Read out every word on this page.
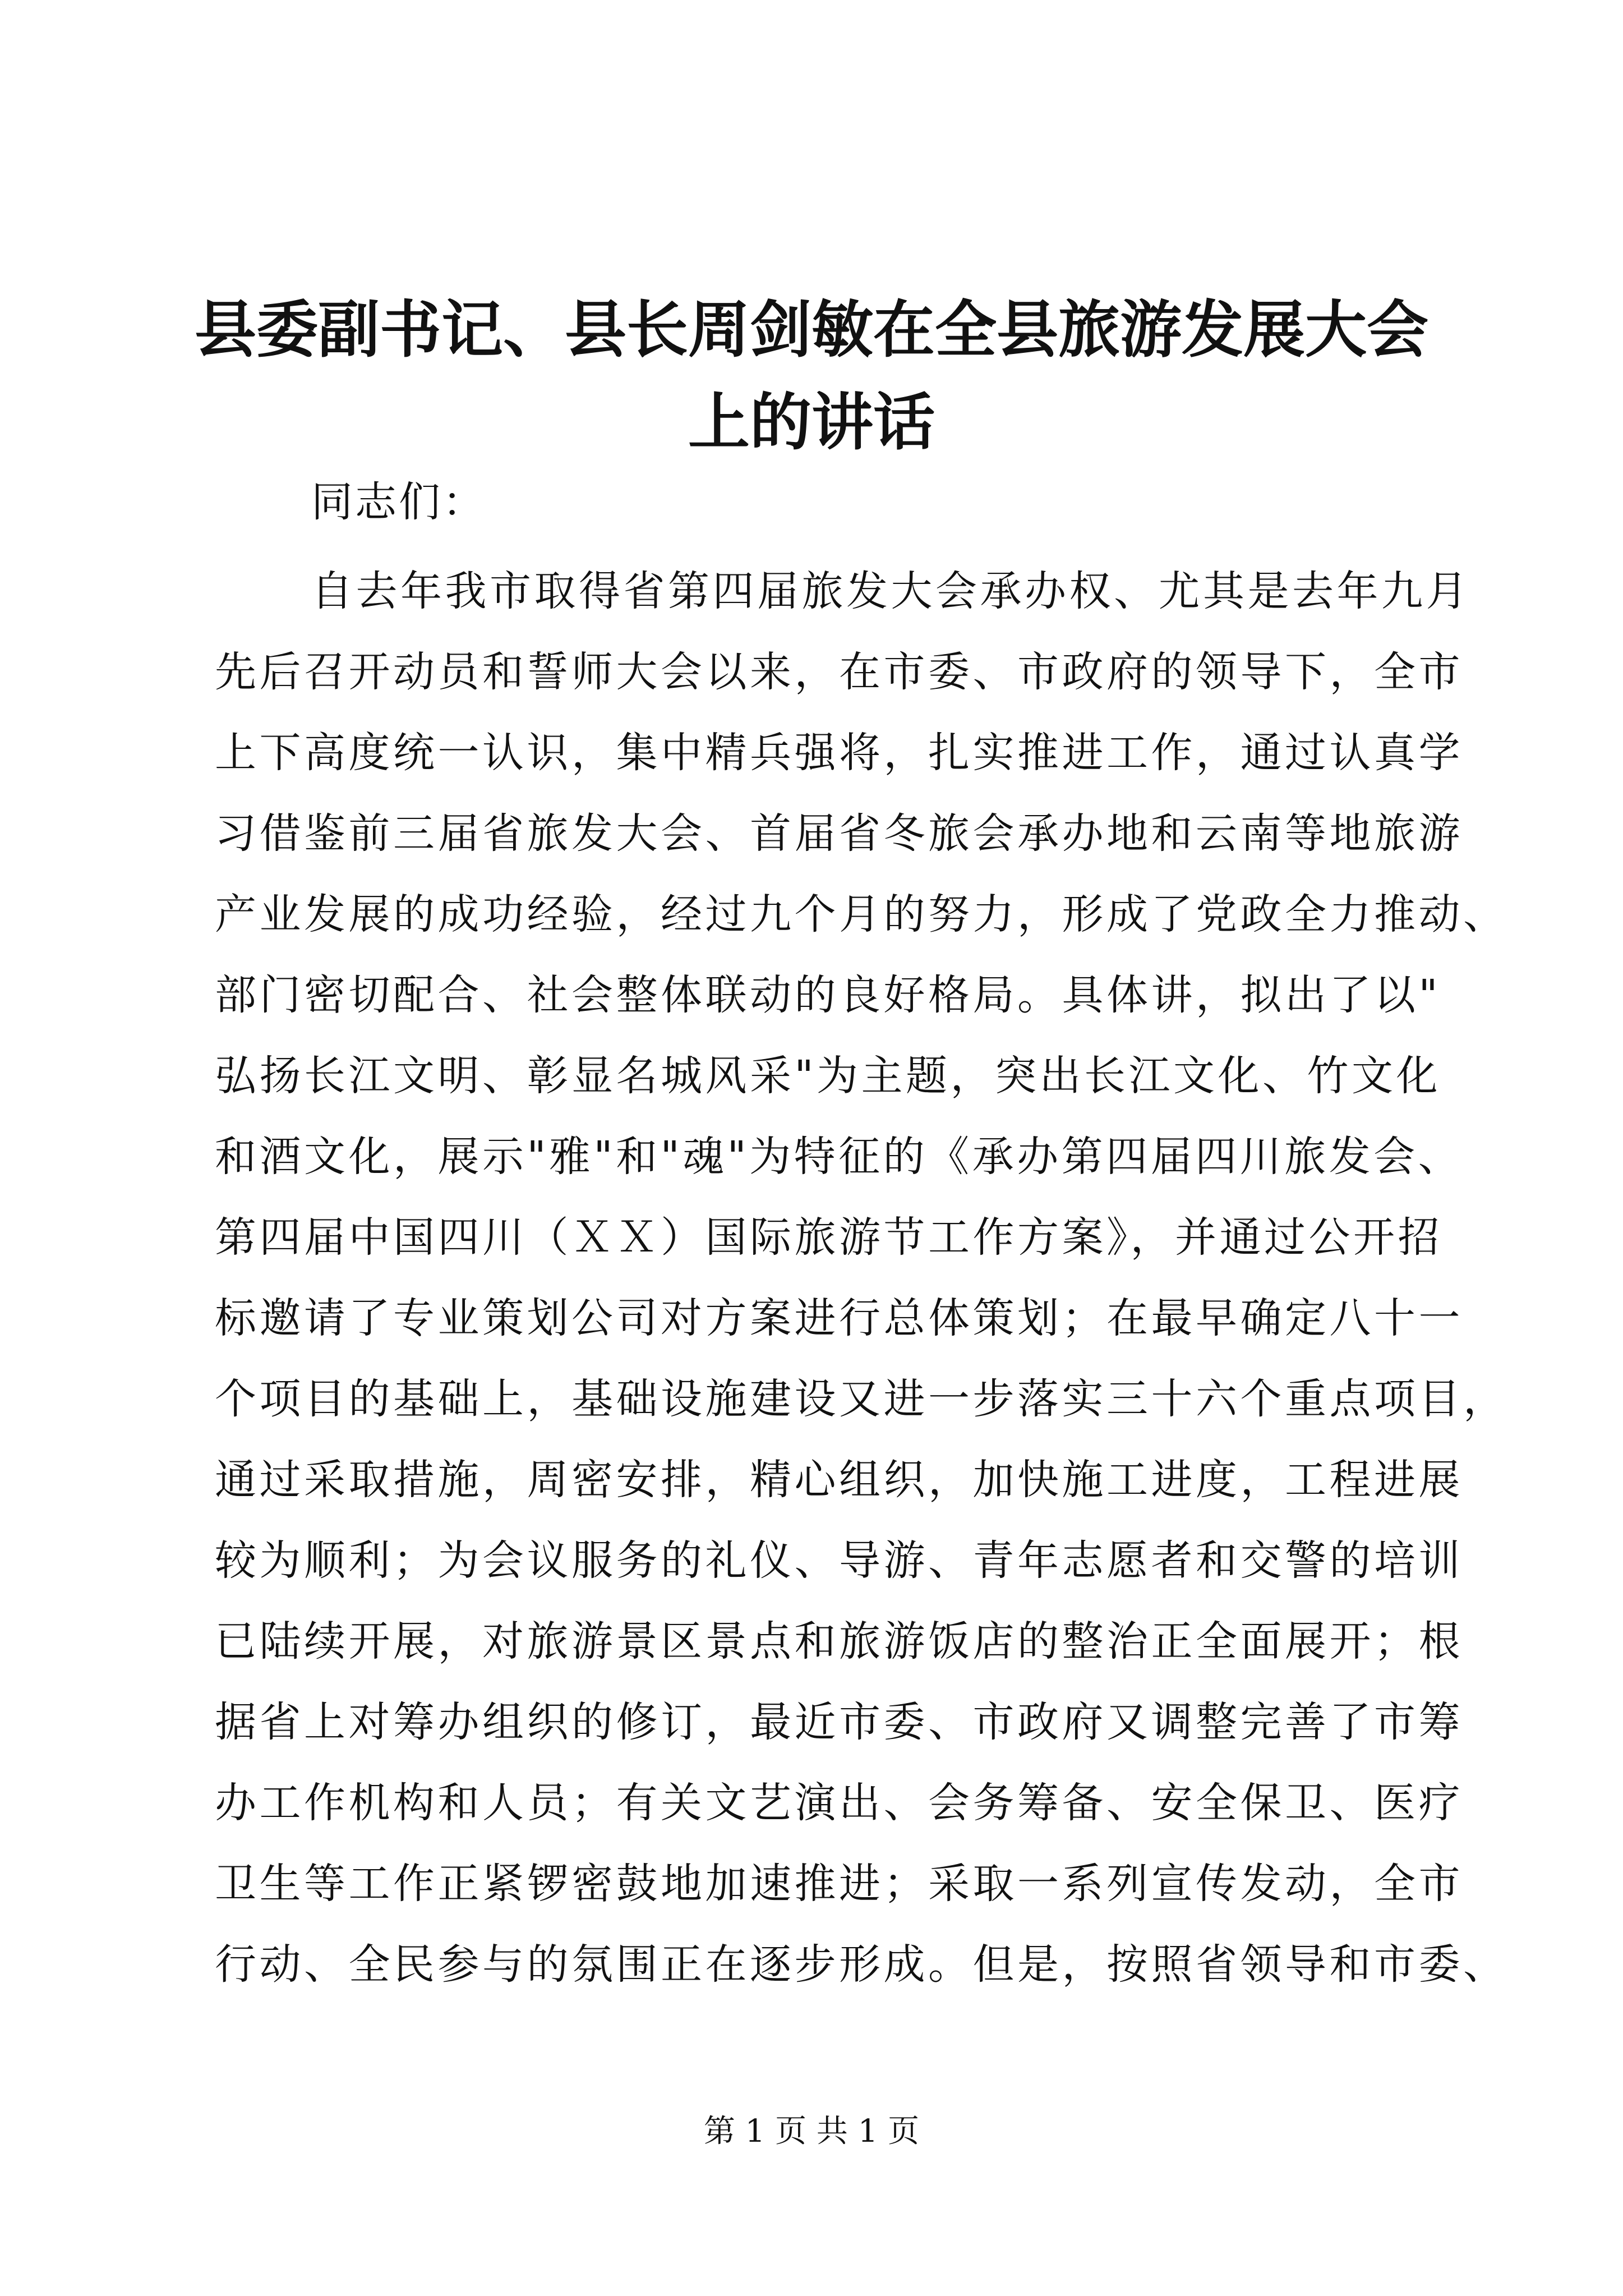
县委副书记、县长周剑敏在全县旅游发展大会
上的讲话
同志们：
自去年我市取得省第四届旅发大会承办权、尤其是去年九月
先后召开动员和誓师大会以来，在市委、市政府的领导下，全市
上下高度统一认识，集中精兵强将，扎实推进工作，通过认真学
习借鉴前三届省旅发大会、首届省冬旅会承办地和云南等地旅游
产业发展的成功经验，经过九个月的努力，形成了党政全力推动、
部门密切配合、社会整体联动的良好格局。具体讲，拟出了以"
弘扬长江文明、彰显名城风采"为主题，突出长江文化、竹文化
和酒文化，展示"雅"和"魂"为特征的《承办第四届四川旅发会、
第四届中国四川（ＸＸ）国际旅游节工作方案》，并通过公开招
标邀请了专业策划公司对方案进行总体策划；在最早确定八十一
个项目的基础上，基础设施建设又进一步落实三十六个重点项目，
通过采取措施，周密安排，精心组织，加快施工进度，工程进展
较为顺利；为会议服务的礼仪、导游、青年志愿者和交警的培训
已陆续开展，对旅游景区景点和旅游饭店的整治正全面展开；根
据省上对筹办组织的修订，最近市委、市政府又调整完善了市筹
办工作机构和人员；有关文艺演出、会务筹备、安全保卫、医疗
卫生等工作正紧锣密鼓地加速推进；采取一系列宣传发动，全市
行动、全民参与的氛围正在逐步形成。但是，按照省领导和市委、
第 1 页 共 1 页
